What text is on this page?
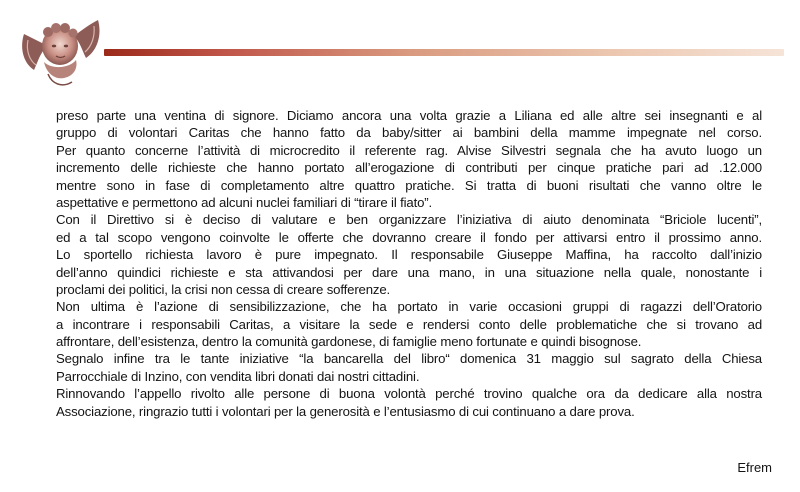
preso parte una ventina di signore. Diciamo ancora una volta grazie a Liliana ed alle altre sei insegnanti e al
gruppo di volontari Caritas che hanno fatto da baby/sitter ai bambini della mamme impegnate nel corso.
Per quanto concerne l’attività di microcredito il referente rag. Alvise Silvestri segnala che ha avuto luogo un
incremento delle richieste che hanno portato all’erogazione di contributi per cinque pratiche pari ad .12.000
mentre sono in fase di completamento altre quattro pratiche. Si tratta di buoni risultati che vanno oltre le
aspettative e permettono ad alcuni nuclei familiari di “tirare il fiato”.
Con il Direttivo si è deciso di valutare e ben organizzare l’iniziativa di aiuto denominata “Briciole lucenti”,
ed a tal scopo vengono coinvolte le offerte che dovranno creare il fondo per attivarsi entro il prossimo anno.
Lo sportello richiesta lavoro è pure impegnato. Il responsabile Giuseppe Maffina, ha raccolto dall’inizio
dell’anno quindici richieste e sta attivandosi per dare una mano, in una situazione nella quale, nonostante i
proclami dei politici, la crisi non cessa di creare sofferenze.
Non ultima è l’azione di sensibilizzazione, che ha portato in varie occasioni gruppi di ragazzi dell’Oratorio
a incontrare i responsabili Caritas, a visitare la sede e rendersi conto delle problematiche che si trovano ad
affrontare, dell’esistenza, dentro la comunità gardonese, di famiglie meno fortunate e quindi bisognose.
Segnalo infine tra le tante iniziative “la bancarella del libro“ domenica 31 maggio sul sagrato della Chiesa
Parrocchiale di Inzino, con vendita libri donati dai nostri cittadini.
Rinnovando l’appello rivolto alle persone di buona volontà perché trovino qualche ora da dedicare alla nostra
Associazione, ringrazio tutti i volontari per la generosità e l’entusiasmo di cui continuano a dare prova.
Efrem
